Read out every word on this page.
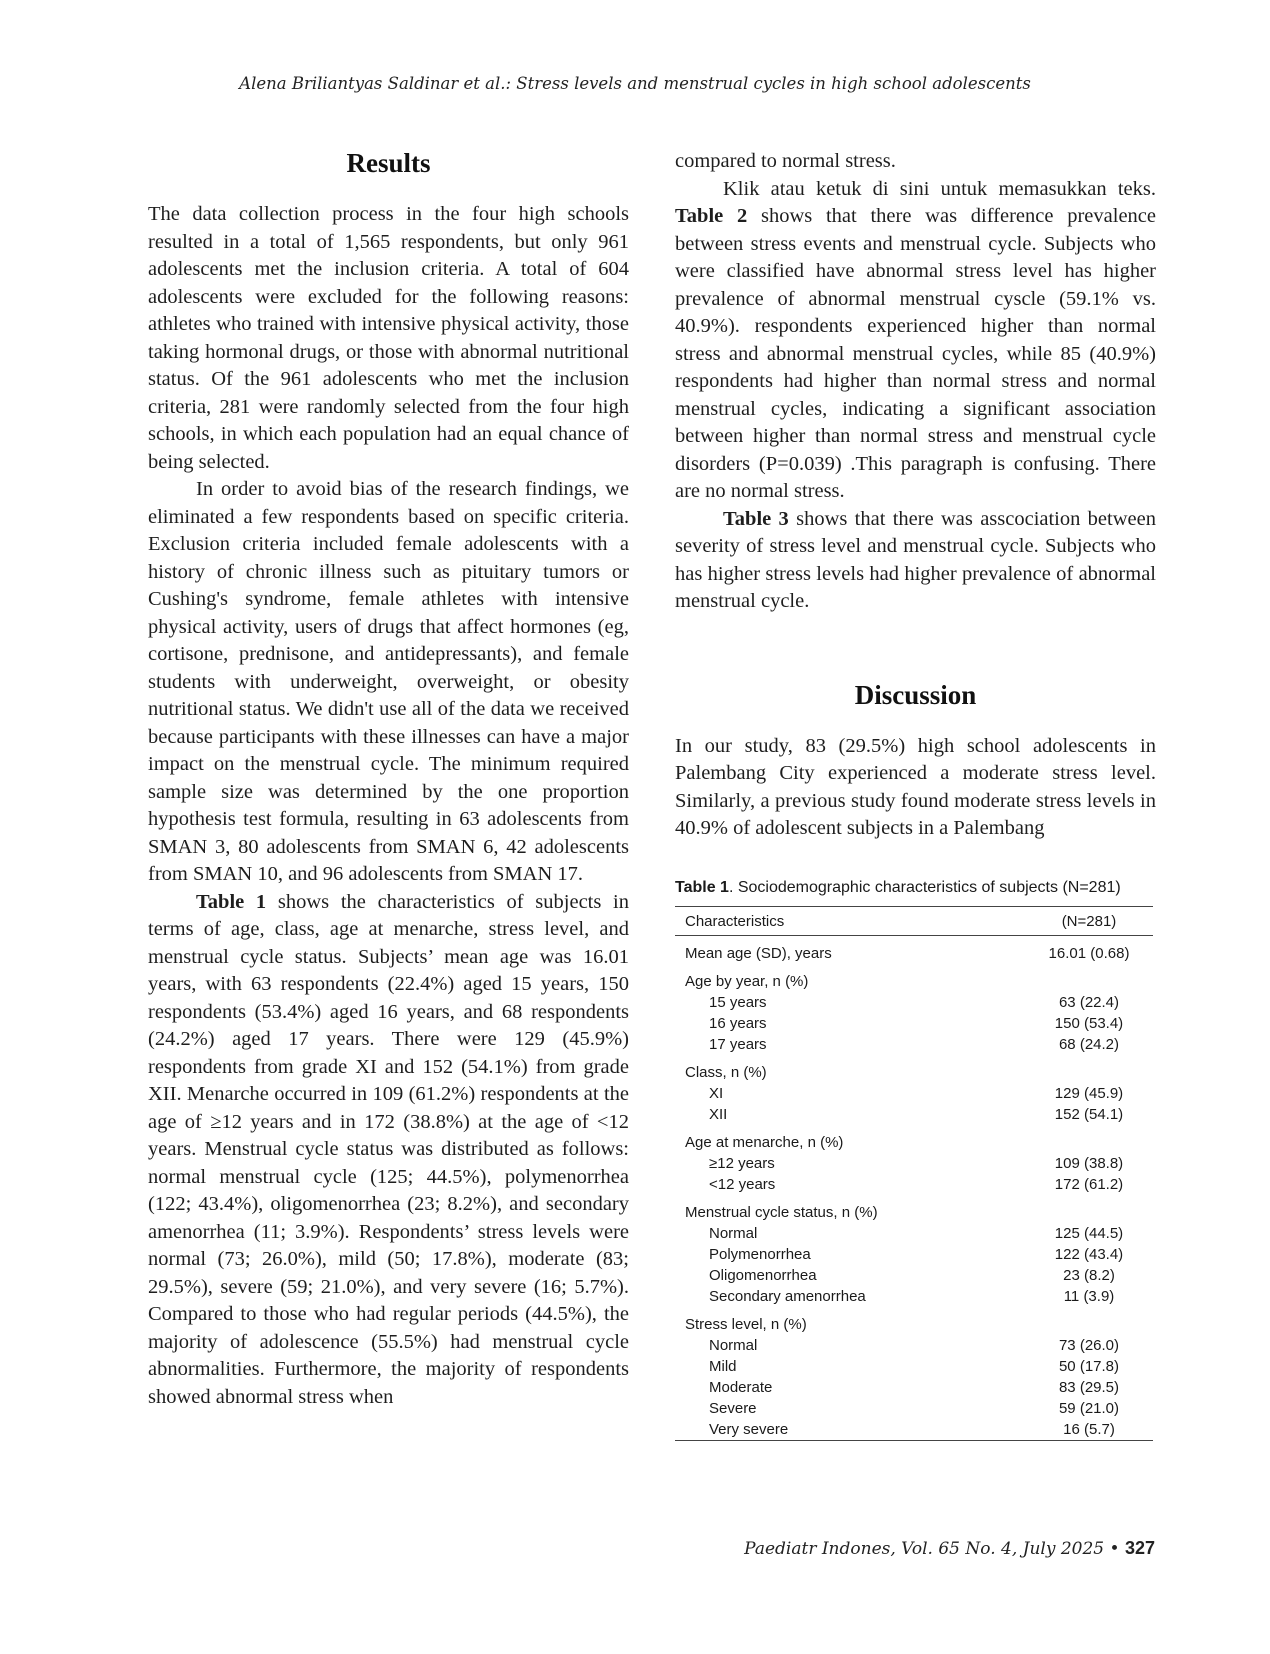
Alena Briliantyas Saldinar et al.: Stress levels and menstrual cycles in high school adolescents
Results

The data collection process in the four high schools resulted in a total of 1,565 respondents, but only 961 adolescents met the inclusion criteria. A total of 604 adolescents were excluded for the following reasons: athletes who trained with intensive physical activity, those taking hormonal drugs, or those with abnormal nutritional status. Of the 961 adolescents who met the inclusion criteria, 281 were randomly selected from the four high schools, in which each population had an equal chance of being selected.

In order to avoid bias of the research findings, we eliminated a few respondents based on specific criteria. Exclusion criteria included female adolescents with a history of chronic illness such as pituitary tumors or Cushing's syndrome, female athletes with intensive physical activity, users of drugs that affect hormones (eg, cortisone, prednisone, and antidepressants), and female students with underweight, overweight, or obesity nutritional status. We didn't use all of the data we received because participants with these illnesses can have a major impact on the menstrual cycle. The minimum required sample size was determined by the one proportion hypothesis test formula, resulting in 63 adolescents from SMAN 3, 80 adolescents from SMAN 6, 42 adolescents from SMAN 10, and 96 adolescents from SMAN 17.

Table 1 shows the characteristics of subjects in terms of age, class, age at menarche, stress level, and menstrual cycle status. Subjects’ mean age was 16.01 years, with 63 respondents (22.4%) aged 15 years, 150 respondents (53.4%) aged 16 years, and 68 respondents (24.2%) aged 17 years. There were 129 (45.9%) respondents from grade XI and 152 (54.1%) from grade XII. Menarche occurred in 109 (61.2%) respondents at the age of ≥12 years and in 172 (38.8%) at the age of <12 years. Menstrual cycle status was distributed as follows: normal menstrual cycle (125; 44.5%), polymenorrhea (122; 43.4%), oligomenorrhea (23; 8.2%), and secondary amenorrhea (11; 3.9%). Respondents’ stress levels were normal (73; 26.0%), mild (50; 17.8%), moderate (83; 29.5%), severe (59; 21.0%), and very severe (16; 5.7%). Compared to those who had regular periods (44.5%), the majority of adolescence (55.5%) had menstrual cycle abnormalities. Furthermore, the majority of respondents showed abnormal stress when

compared to normal stress.

Klik atau ketuk di sini untuk memasukkan teks. Table 2 shows that there was difference prevalence between stress events and menstrual cycle. Subjects who were classified have abnormal stress level has higher prevalence of abnormal menstrual cyscle (59.1% vs. 40.9%). respondents experienced higher than normal stress and abnormal menstrual cycles, while 85 (40.9%) respondents had higher than normal stress and normal menstrual cycles, indicating a significant association between higher than normal stress and menstrual cycle disorders (P=0.039) .This paragraph is confusing. There are no normal stress.

Table 3 shows that there was asscociation between severity of stress level and menstrual cycle. Subjects who has higher stress levels had higher prevalence of abnormal menstrual cycle.

Discussion

In our study, 83 (29.5%) high school adolescents in Palembang City experienced a moderate stress level. Similarly, a previous study found moderate stress levels in 40.9% of adolescent subjects in a Palembang

Table 1. Sociodemographic characteristics of subjects (N=281)
Characteristics	(N=281)
Mean age (SD), years	16.01 (0.68)
Age by year, n (%)	
15 years	63 (22.4)
16 years	150 (53.4)
17 years	68 (24.2)
Class, n (%)	
XI	129 (45.9)
XII	152 (54.1)
Age at menarche, n (%)	
≥12 years	109 (38.8)
<12 years	172 (61.2)
Menstrual cycle status, n (%)	
Normal	125 (44.5)
Polymenorrhea	122 (43.4)
Oligomenorrhea	23 (8.2)
Secondary amenorrhea	11 (3.9)
Stress level, n (%)	
Normal	73 (26.0)
Mild	50 (17.8)
Moderate	83 (29.5)
Severe	59 (21.0)
Very severe	16 (5.7)
Paediatr Indones, Vol. 65 No. 4, July 2025 • 327
